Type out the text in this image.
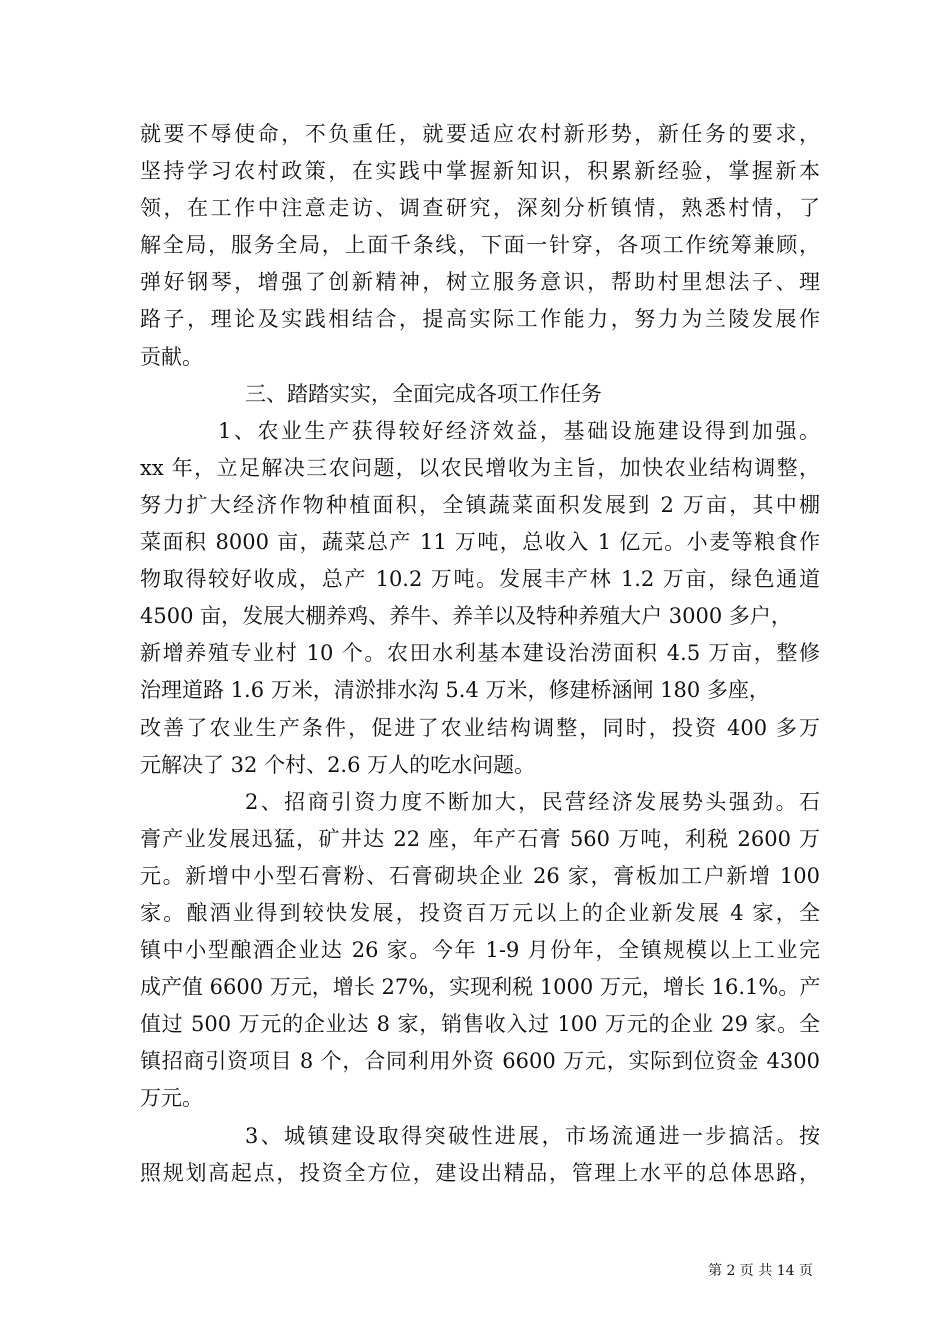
就要不辱使命，不负重任，就要适应农村新形势，新任务的要求，
坚持学习农村政策，在实践中掌握新知识，积累新经验，掌握新本
领，在工作中注意走访、调查研究，深刻分析镇情，熟悉村情，了
解全局，服务全局，上面千条线，下面一针穿，各项工作统筹兼顾，
弹好钢琴，增强了创新精神，树立服务意识，帮助村里想法子、理
路子，理论及实践相结合，提高实际工作能力，努力为兰陵发展作
贡献。
三、踏踏实实，全面完成各项工作任务
1、农业生产获得较好经济效益，基础设施建设得到加强。
xx 年，立足解决三农问题，以农民增收为主旨，加快农业结构调整，
努力扩大经济作物种植面积，全镇蔬菜面积发展到 2 万亩，其中棚
菜面积 8000 亩，蔬菜总产 11 万吨，总收入 1 亿元。小麦等粮食作
物取得较好收成，总产 10.2 万吨。发展丰产林 1.2 万亩，绿色通道
4500 亩，发展大棚养鸡、养牛、养羊以及特种养殖大户 3000 多户，
新增养殖专业村 10 个。农田水利基本建设治涝面积 4.5 万亩，整修
治理道路 1.6 万米，清淤排水沟 5.4 万米，修建桥涵闸 180 多座，
改善了农业生产条件，促进了农业结构调整，同时，投资 400 多万
元解决了 32 个村、2.6 万人的吃水问题。
2、招商引资力度不断加大，民营经济发展势头强劲。石
膏产业发展迅猛，矿井达 22 座，年产石膏 560 万吨，利税 2600 万
元。新增中小型石膏粉、石膏砌块企业 26 家，膏板加工户新增 100
家。酿酒业得到较快发展，投资百万元以上的企业新发展 4 家，全
镇中小型酿酒企业达 26 家。今年 1-9 月份年，全镇规模以上工业完
成产值 6600 万元，增长 27%，实现利税 1000 万元，增长 16.1%。产
值过 500 万元的企业达 8 家，销售收入过 100 万元的企业 29 家。全
镇招商引资项目 8 个，合同利用外资 6600 万元，实际到位资金 4300
万元。
3、城镇建设取得突破性进展，市场流通进一步搞活。按
照规划高起点，投资全方位，建设出精品，管理上水平的总体思路，
第 2 页 共 14 页
